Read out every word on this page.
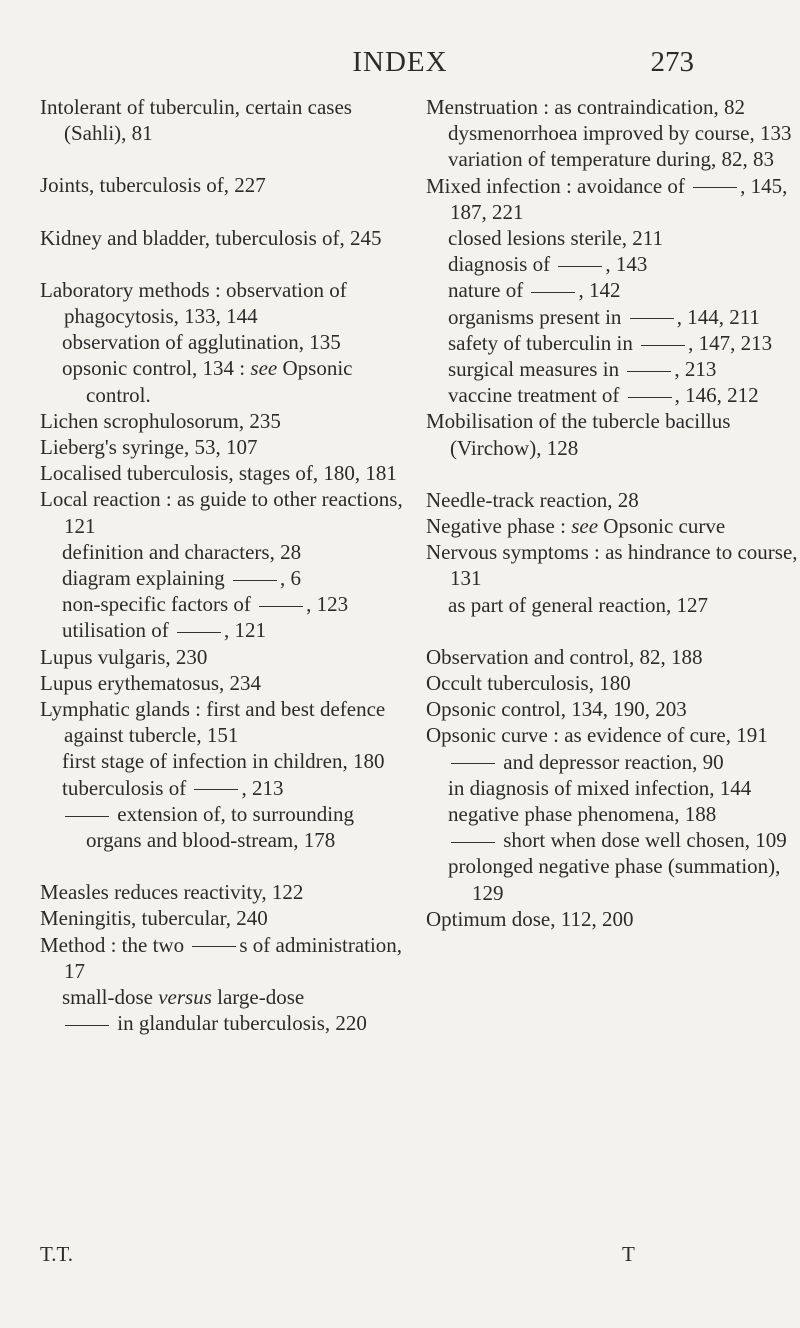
INDEX	273
Intolerant of tuberculin, certain cases (Sahli), 81
Joints, tuberculosis of, 227
Kidney and bladder, tuberculosis of, 245
Laboratory methods : observation of phagocytosis, 133, 144
observation of agglutination, 135
opsonic control, 134 : see Opsonic control.
Lichen scrophulosorum, 235
Lieberg's syringe, 53, 107
Localised tuberculosis, stages of, 180, 181
Local reaction : as guide to other reactions, 121
definition and characters, 28
diagram explaining	, 6
non-specific factors of	, 123
utilisation of	, 121
Lupus vulgaris, 230
Lupus erythematosus, 234
Lymphatic glands : first and best defence against tubercle, 151
first stage of infection in children, 180
tuberculosis of	, 213
extension of, to surrounding organs and blood-stream, 178
Measles reduces reactivity, 122
Meningitis, tubercular, 240
Method : the two	s of administration, 17
small-dose versus large-dose
in glandular tuberculosis, 220
Menstruation : as contraindication, 82
dysmenorrhoea improved by course, 133
variation of temperature during, 82, 83
Mixed infection : avoidance of	, 145, 187, 221
closed lesions sterile, 211
diagnosis of	, 143
nature of	, 142
organisms present in	, 144, 211
safety of tuberculin in	, 147, 213
surgical measures in	, 213
vaccine treatment of	, 146, 212
Mobilisation of the tubercle bacillus (Virchow), 128
Needle-track reaction, 28
Negative phase : see Opsonic curve
Nervous symptoms : as hindrance to course, 131
as part of general reaction, 127
Observation and control, 82, 188
Occult tuberculosis, 180
Opsonic control, 134, 190, 203
Opsonic curve : as evidence of cure, 191
and depressor reaction, 90
in diagnosis of mixed infection, 144
negative phase phenomena, 188
short when dose well chosen, 109
prolonged negative phase (summation), 129
Optimum dose, 112, 200
T.T.	T
